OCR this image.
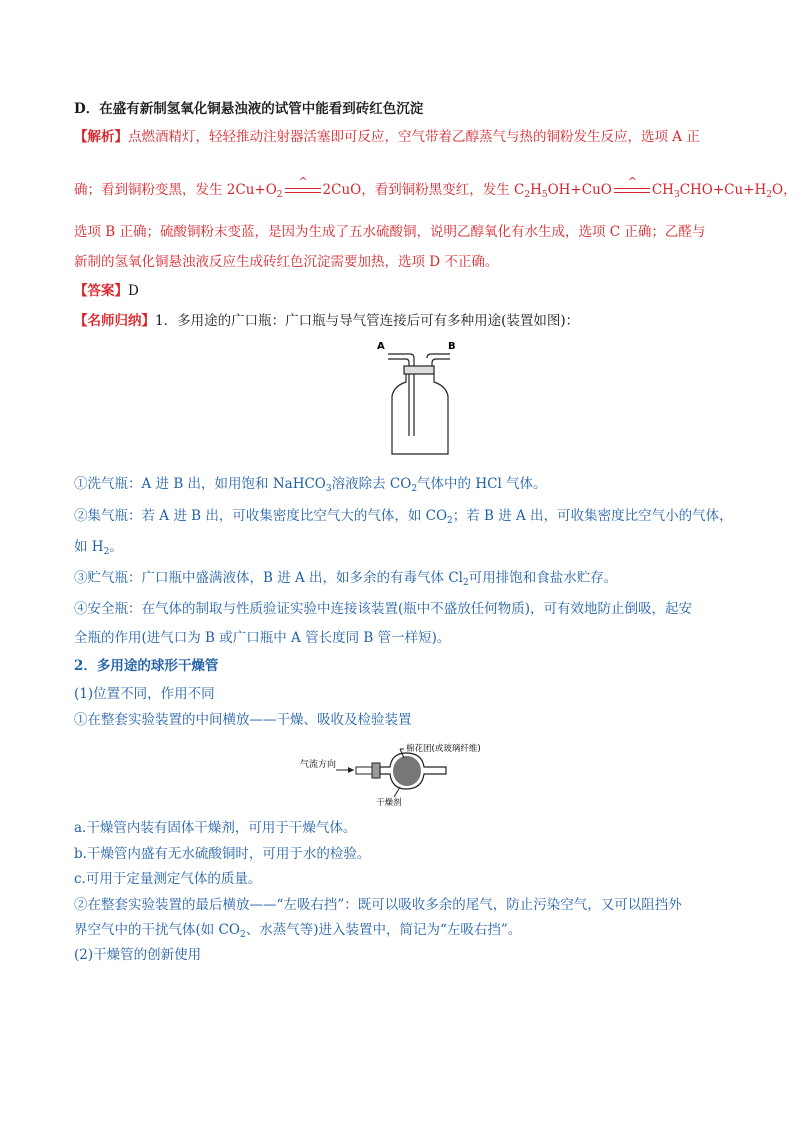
D．在盛有新制氢氧化铜悬浊液的试管中能看到砖红色沉淀
【解析】点燃酒精灯，轻轻推动注射器活塞即可反应，空气带着乙醇蒸气与热的铜粉发生反应，选项 A 正
确；看到铜粉变黑，发生 $2Cu+O_2$
^
2CuO，看到铜粉黑变红，发生 $C_2H_5OH+CuO$
^
$CH_3CHO+Cu+H_2O$，
选项 B 正确；硫酸铜粉末变蓝，是因为生成了五水硫酸铜，说明乙醇氧化有水生成，选项 C 正确；乙醛与
新制的氢氧化铜悬浊液反应生成砖红色沉淀需要加热，选项 D 不正确。
【答案】D
【名师归纳】1．多用途的广口瓶：广口瓶与导气管连接后可有多种用途(装置如图)：
A	B
①洗气瓶：A 进 B 出，如用饱和 NaHCO$_3$溶液除去 $CO_2$气体中的 HCl 气体。
②集气瓶：若 A 进 B 出，可收集密度比空气大的气体，如 $CO_2$；若 B 进 A 出，可收集密度比空气小的气体，
如 $H_2$。
③贮气瓶：广口瓶中盛满液体，B 进 A 出，如多余的有毒气体 $Cl_2$可用排饱和食盐水贮存。
④安全瓶：在气体的制取与性质验证实验中连接该装置(瓶中不盛放任何物质)，可有效地防止倒吸，起安
全瓶的作用(进气口为 B 或广口瓶中 A 管长度同 B 管一样短)。
2．多用途的球形干燥管
(1)位置不同，作用不同
①在整套实验装置的中间横放——干燥、吸收及检验装置
气流方向
棉花团(或玻璃纤维)
干燥剂
a.干燥管内装有固体干燥剂，可用于干燥气体。
b.干燥管内盛有无水硫酸铜时，可用于水的检验。
c.可用于定量测定气体的质量。
②在整套实验装置的最后横放——“左吸右挡”：既可以吸收多余的尾气，防止污染空气，又可以阻挡外
界空气中的干扰气体(如 $CO_2$、水蒸气等)进入装置中，简记为“左吸右挡”。
(2)干燥管的创新使用
